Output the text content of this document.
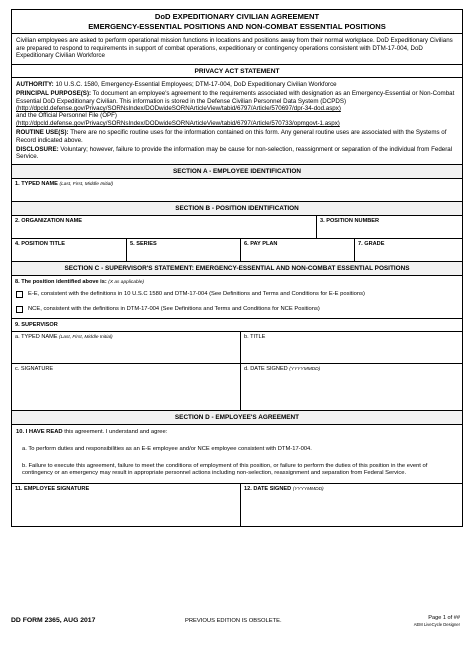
DoD EXPEDITIONARY CIVILIAN AGREEMENT
EMERGENCY-ESSENTIAL POSITIONS AND NON-COMBAT ESSENTIAL POSITIONS
Civilian employees are asked to perform operational mission functions in locations and positions away from their normal workplace. DoD Expeditionary Civilians are prepared to respond to requirements in support of combat operations, expeditionary or contingency operations consistent with DTM-17-004, DoD Expeditionary Civilian Workforce
PRIVACY ACT STATEMENT

AUTHORITY: 10 U.S.C. 1580, Emergency-Essential Employees; DTM-17-004, DoD Expeditionary Civilian Workforce

PRINCIPAL PURPOSE(S): To document an employee's agreement to the requirements associated with designation as an Emergency-Essential or Non-Combat Essential DoD Expeditionary Civilian. This information is stored in the Defense Civilian Personnel Data System (DCPDS)
(http://dpcld.defense.gov/Privacy/SORNsIndex/DODwideSORNArticleView/tabid/6797/Article/570697/dpr-34-dod.aspx)
and the Official Personnel File (OPF)
(http://dpcld.defense.gov/Privacy/SORNsIndex/DODwideSORNArticleView/tabid/6797/Article/570733/opmgovt-1.aspx)

ROUTINE USE(S): There are no specific routine uses for the information contained on this form. Any general routine uses are associated with the Systems of Record indicated above.

DISCLOSURE: Voluntary; however, failure to provide the information may be cause for non-selection, reassignment or separation of the individual from Federal Service.

SECTION A - EMPLOYEE IDENTIFICATION
1. TYPED NAME (Last, First, Middle Initial)
SECTION B - POSITION IDENTIFICATION
2. ORGANIZATION NAME	3. POSITION NUMBER
4. POSITION TITLE	5. SERIES	6. PAY PLAN	7. GRADE
SECTION C - SUPERVISOR'S STATEMENT: EMERGENCY-ESSENTIAL AND NON-COMBAT ESSENTIAL POSITIONS
8. The position identified above is: (X as applicable)
E-E, consistent with the definitions in 10 U.S.C 1580 and DTM-17-004 (See Definitions and Terms and Conditions for E-E positions)
NCE, consistent with the definitions in DTM-17-004 (See Definitions and Terms and Conditions for NCE Positions)
9. SUPERVISOR
a. TYPED NAME (Last, First, Middle Initial)	b. TITLE
c. SIGNATURE	d. DATE SIGNED (YYYYMMDD)
SECTION D - EMPLOYEE'S AGREEMENT
10. I HAVE READ this agreement. I understand and agree:
a. To perform duties and responsibilities as an E-E employee and/or NCE employee consistent with DTM-17-004.
b. Failure to execute this agreement, failure to meet the conditions of employment of this position, or failure to perform the duties of this position in the event of contingency or an emergency may result in appropriate personnel actions including non-selection, reassignment and separation from Federal Service.
11. EMPLOYEE SIGNATURE	12. DATE SIGNED (YYYYMMDD)
DD FORM 2365, AUG 2017	PREVIOUS EDITION IS OBSOLETE.	Page 1 of ##
AEM LiveCycle Designer
